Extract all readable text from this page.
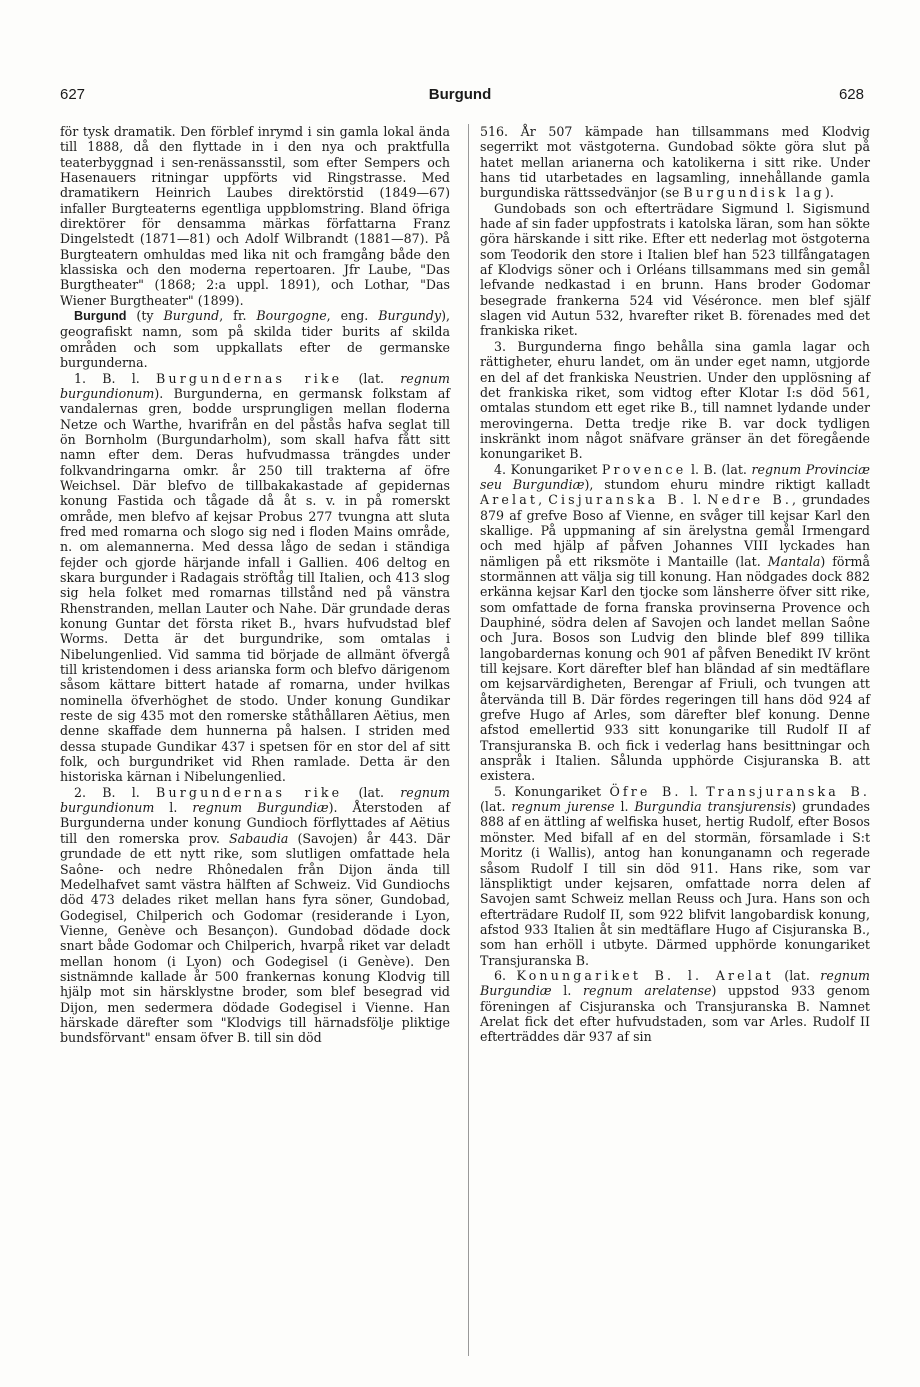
627	Burgund	628

för tysk dramatik. Den förblef inrymd i sin gamla lokal ända till 1888, då den flyttade in i den nya och praktfulla teaterbyggnad i sen-renässansstil, som efter Sempers och Hasenauers ritningar uppförts vid Ringstrasse. Med dramatikern Heinrich Laubes direktörstid (1849—67) infaller Burgteaterns egentliga uppblomstring. Bland öfriga direktörer för densamma märkas författarna Franz Dingelstedt (1871—81) och Adolf Wilbrandt (1881—87). På Burgteatern omhuldas med lika nit och framgång både den klassiska och den moderna repertoaren. Jfr Laube, "Das Burgtheater" (1868; 2:a uppl. 1891), och Lothar, "Das Wiener Burgtheater" (1899).

Burgund (ty Burgund, fr. Bourgogne, eng. Burgundy), geografiskt namn, som på skilda tider burits af skilda områden och som uppkallats efter de germanske burgunderna.

1. B. l. Burgundernas rike (lat. regnum burgundionum). Burgunderna, en germansk folkstam af vandalernas gren, bodde ursprungligen mellan floderna Netze och Warthe, hvarifrån en del påstås hafva seglat till ön Bornholm (Burgundarholm), som skall hafva fått sitt namn efter dem. Deras hufvudmassa trängdes under folkvandringarna omkr. år 250 till trakterna af öfre Weichsel. Där blefvo de tillbakakastade af gepidernas konung Fastida och tågade då åt s. v. in på romerskt område, men blefvo af kejsar Probus 277 tvungna att sluta fred med romarna och slogo sig ned i floden Mains område, n. om alemannerna. Med dessa lågo de sedan i ständiga fejder och gjorde härjande infall i Gallien. 406 deltog en skara burgunder i Radagais ströftåg till Italien, och 413 slog sig hela folket med romarnas tillstånd ned på vänstra Rhenstranden, mellan Lauter och Nahe. Där grundade deras konung Guntar det första riket B., hvars hufvudstad blef Worms. Detta är det burgundrike, som omtalas i Nibelungenlied. Vid samma tid började de allmänt öfvergå till kristendomen i dess arianska form och blefvo därigenom såsom kättare bittert hatade af romarna, under hvilkas nominella öfverhöghet de stodo. Under konung Gundikar reste de sig 435 mot den romerske ståthållaren Aëtius, men denne skaffade dem hunnerna på halsen. I striden med dessa stupade Gundikar 437 i spetsen för en stor del af sitt folk, och burgundriket vid Rhen ramlade. Detta är den historiska kärnan i Nibelungenlied.

2. B. l. Burgundernas rike (lat. regnum burgundionum l. regnum Burgundiæ). Återstoden af Burgunderna under konung Gundioch förflyttades af Aëtius till den romerska prov. Sabaudia (Savojen) år 443. Där grundade de ett nytt rike, som slutligen omfattade hela Saône- och nedre Rhônedalen från Dijon ända till Medelhafvet samt västra hälften af Schweiz. Vid Gundiochs död 473 delades riket mellan hans fyra söner, Gundobad, Godegisel, Chilperich och Godomar (residerande i Lyon, Vienne, Genève och Besançon). Gundobad dödade dock snart både Godomar och Chilperich, hvarpå riket var deladt mellan honom (i Lyon) och Godegisel (i Genève). Den sistnämnde kallade år 500 frankernas konung Klodvig till hjälp mot sin härsklystne broder, som blef besegrad vid Dijon, men sedermera dödade Godegisel i Vienne. Han härskade därefter som "Klodvigs till härnadsfölje pliktige bundsförvant" ensam öfver B. till sin död

516. År 507 kämpade han tillsammans med Klodvig segerrikt mot västgoterna. Gundobad sökte göra slut på hatet mellan arianerna och katolikerna i sitt rike. Under hans tid utarbetades en lagsamling, innehållande gamla burgundiska rättssedvänjor (se Burgundisk lag).

Gundobads son och efterträdare Sigmund l. Sigismund hade af sin fader uppfostrats i katolska läran, som han sökte göra härskande i sitt rike. Efter ett nederlag mot östgoterna som Teodorik den store i Italien blef han 523 tillfångatagen af Klodvigs söner och i Orléans tillsammans med sin gemål lefvande nedkastad i en brunn. Hans broder Godomar besegrade frankerna 524 vid Véséronce. men blef själf slagen vid Autun 532, hvarefter riket B. förenades med det frankiska riket.

3. Burgunderna fingo behålla sina gamla lagar och rättigheter, ehuru landet, om än under eget namn, utgjorde en del af det frankiska Neustrien. Under den upplösning af det frankiska riket, som vidtog efter Klotar I:s död 561, omtalas stundom ett eget rike B., till namnet lydande under merovingerna. Detta tredje rike B. var dock tydligen inskränkt inom något snäfvare gränser än det föregående konungariket B.

4. Konungariket Provence l. B. (lat. regnum Provinciæ seu Burgundiæ), stundom ehuru mindre riktigt kalladt Arelat, Cisjuranska B. l. Nedre B., grundades 879 af grefve Boso af Vienne, en svåger till kejsar Karl den skallige. På uppmaning af sin ärelystna gemål Irmengard och med hjälp af påfven Johannes VIII lyckades han nämligen på ett riksmöte i Mantaille (lat. Mantala) förmå stormännen att välja sig till konung. Han nödgades dock 882 erkänna kejsar Karl den tjocke som länsherre öfver sitt rike, som omfattade de forna franska provinserna Provence och Dauphiné, södra delen af Savojen och landet mellan Saône och Jura. Bosos son Ludvig den blinde blef 899 tillika langobardernas konung och 901 af påfven Benedikt IV krönt till kejsare. Kort därefter blef han bländad af sin medtäflare om kejsarvärdigheten, Berengar af Friuli, och tvungen att återvända till B. Där fördes regeringen till hans död 924 af grefve Hugo af Arles, som därefter blef konung. Denne afstod emellertid 933 sitt konungarike till Rudolf II af Transjuranska B. och fick i vederlag hans besittningar och anspråk i Italien. Sålunda upphörde Cisjuranska B. att existera.

5. Konungariket Öfre B. l. Transjuranska B. (lat. regnum jurense l. Burgundia transjurensis) grundades 888 af en ättling af welfiska huset, hertig Rudolf, efter Bosos mönster. Med bifall af en del stormän, församlade i S:t Moritz (i Wallis), antog han konunganamn och regerade såsom Rudolf I till sin död 911. Hans rike, som var länspliktigt under kejsaren, omfattade norra delen af Savojen samt Schweiz mellan Reuss och Jura. Hans son och efterträdare Rudolf II, som 922 blifvit langobardisk konung, afstod 933 Italien åt sin medtäflare Hugo af Cisjuranska B., som han erhöll i utbyte. Därmed upphörde konungariket Transjuranska B.

6. Konungariket B. l. Arelat (lat. regnum Burgundiæ l. regnum arelatense) uppstod 933 genom föreningen af Cisjuranska och Transjuranska B. Namnet Arelat fick det efter hufvudstaden, som var Arles. Rudolf II efterträddes där 937 af sin
